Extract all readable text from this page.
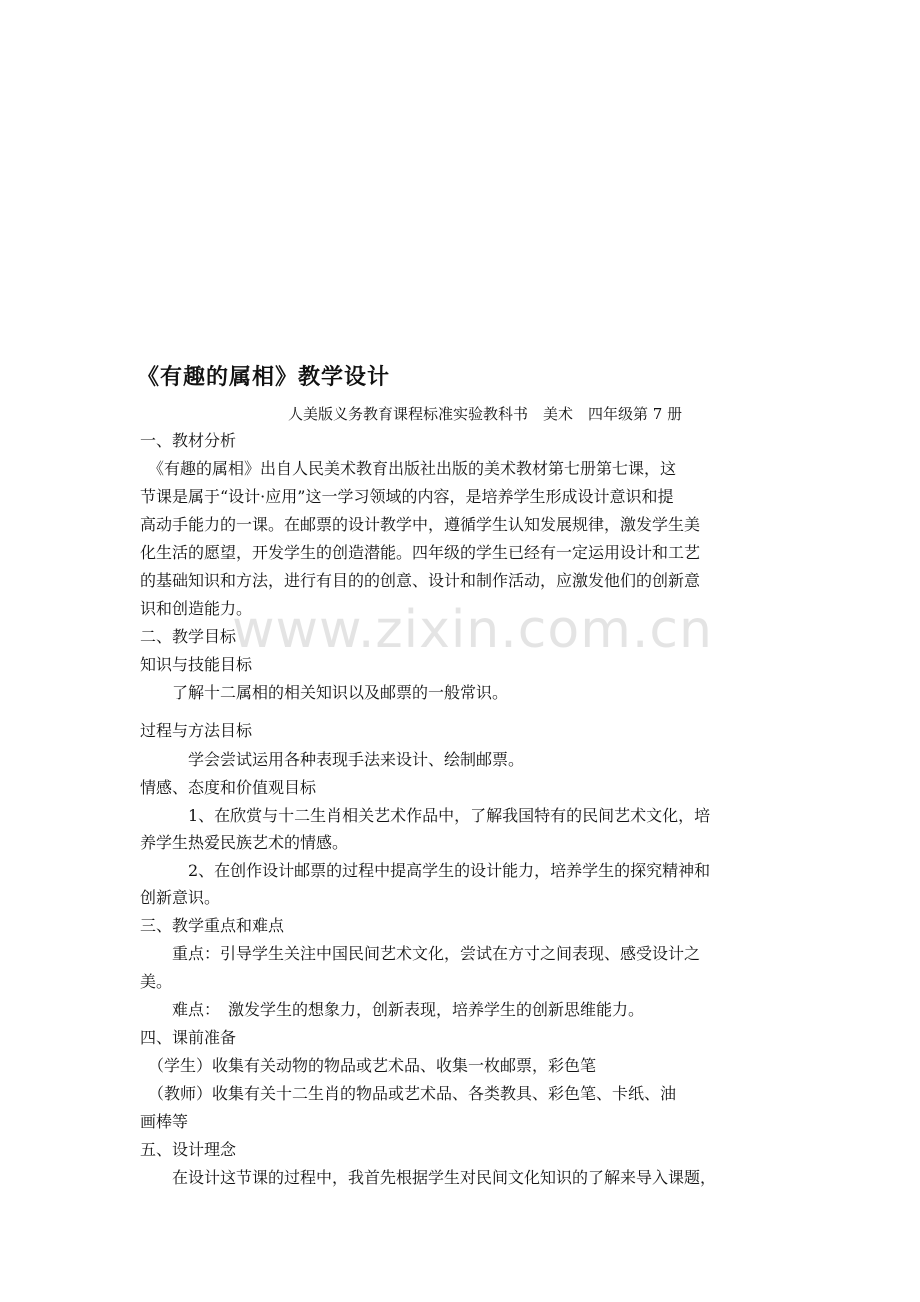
www.zixin.com.cn
《有趣的属相》教学设计
人美版义务教育课程标准实验教科书　美术　四年级第 7 册
一、教材分析
　《有趣的属相》出自人民美术教育出版社出版的美术教材第七册第七课，这
节课是属于“设计·应用”这一学习领域的内容，是培养学生形成设计意识和提
高动手能力的一课。在邮票的设计教学中，遵循学生认知发展规律，激发学生美
化生活的愿望，开发学生的创造潜能。四年级的学生已经有一定运用设计和工艺
的基础知识和方法，进行有目的的创意、设计和制作活动，应激发他们的创新意
识和创造能力。
二、教学目标
知识与技能目标
　　了解十二属相的相关知识以及邮票的一般常识。
过程与方法目标
　　　学会尝试运用各种表现手法来设计、绘制邮票。
情感、态度和价值观目标
　　　1、在欣赏与十二生肖相关艺术作品中，了解我国特有的民间艺术文化，培
养学生热爱民族艺术的情感。
　　　2、在创作设计邮票的过程中提高学生的设计能力，培养学生的探究精神和
创新意识。
三、教学重点和难点
　　重点：引导学生关注中国民间艺术文化，尝试在方寸之间表现、感受设计之
美。
　　难点：　激发学生的想象力，创新表现，培养学生的创新思维能力。
四、课前准备
　（学生）收集有关动物的物品或艺术品、收集一枚邮票，彩色笔
　（教师）收集有关十二生肖的物品或艺术品、各类教具、彩色笔、卡纸、油
画棒等
五、设计理念
　　在设计这节课的过程中，我首先根据学生对民间文化知识的了解来导入课题，
